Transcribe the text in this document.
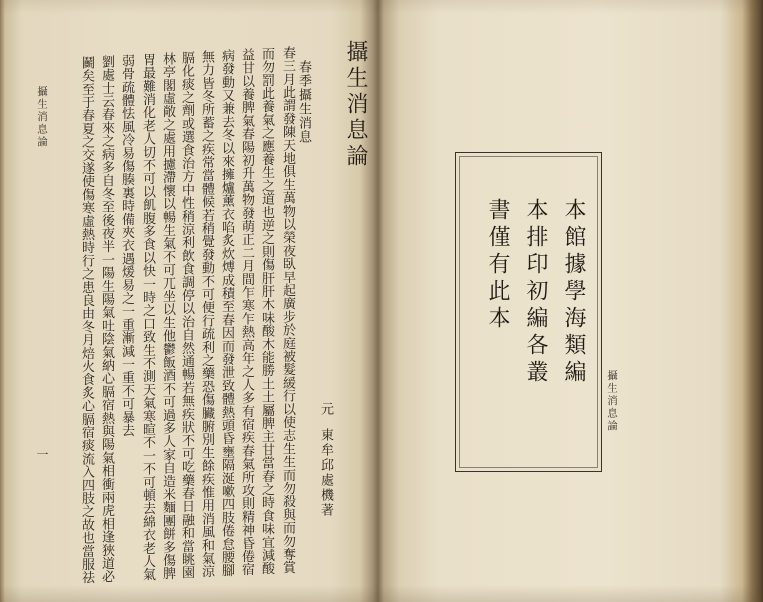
攝生消息論
元
東牟邱處機著
春季攝生消息
春三月此謂發陳天地俱生萬物以榮夜臥早起廣步於庭被髮緩行以使志生生而勿殺與而勿奪賞
而勿罰此養氣之應養生之道也逆之則傷肝肝木味酸木能勝土土屬脾主甘當春之時食味宜減酸
益甘以養脾氣春陽初升萬物發萌正二月間乍寒乍熱高年之人多有宿疾春氣所攻則精神昏倦宿
病發動又兼去冬以來擁爐薰衣啗炙炊煿成積至春因而發泄致體熱頭昏壅隔涎嗽四肢倦怠腰腳
無力皆冬所蓄之疾常當體候若稍覺發動不可便行疏利之藥恐傷臟腑別生餘疾惟用消風和氣涼
膈化痰之劑或選食治方中性稍涼利飲食調停以治自然通暢若無疾狀不可吃藥春日融和當眺園
林亭閣虛敞之處用攄滯懷以暢生氣不可兀坐以生他鬱飯酒不可過多人家自造米麵團餅多傷脾
胃最難消化老人切不可以飢腹多食以快一時之口致生不測天氣寒暄不一不可頓去綿衣老人氣
弱骨疏體怯風冷易傷腠裏時備夾衣遇煖易之一重漸減一重不可暴去
劉處士云春來之病多自冬至後夜半一陽生陽氣吐陰氣納心膈宿熱與陽氣相衝兩虎相逢狹道必
鬬矣至于春夏之交遂使傷寒虛熱時行之患良由冬月焙火食炙心膈宿痰流入四肢之故也當服祛
攝生消息論
一
本館據學海類編
本排印初編各叢
書僅有此本
攝生消息論
